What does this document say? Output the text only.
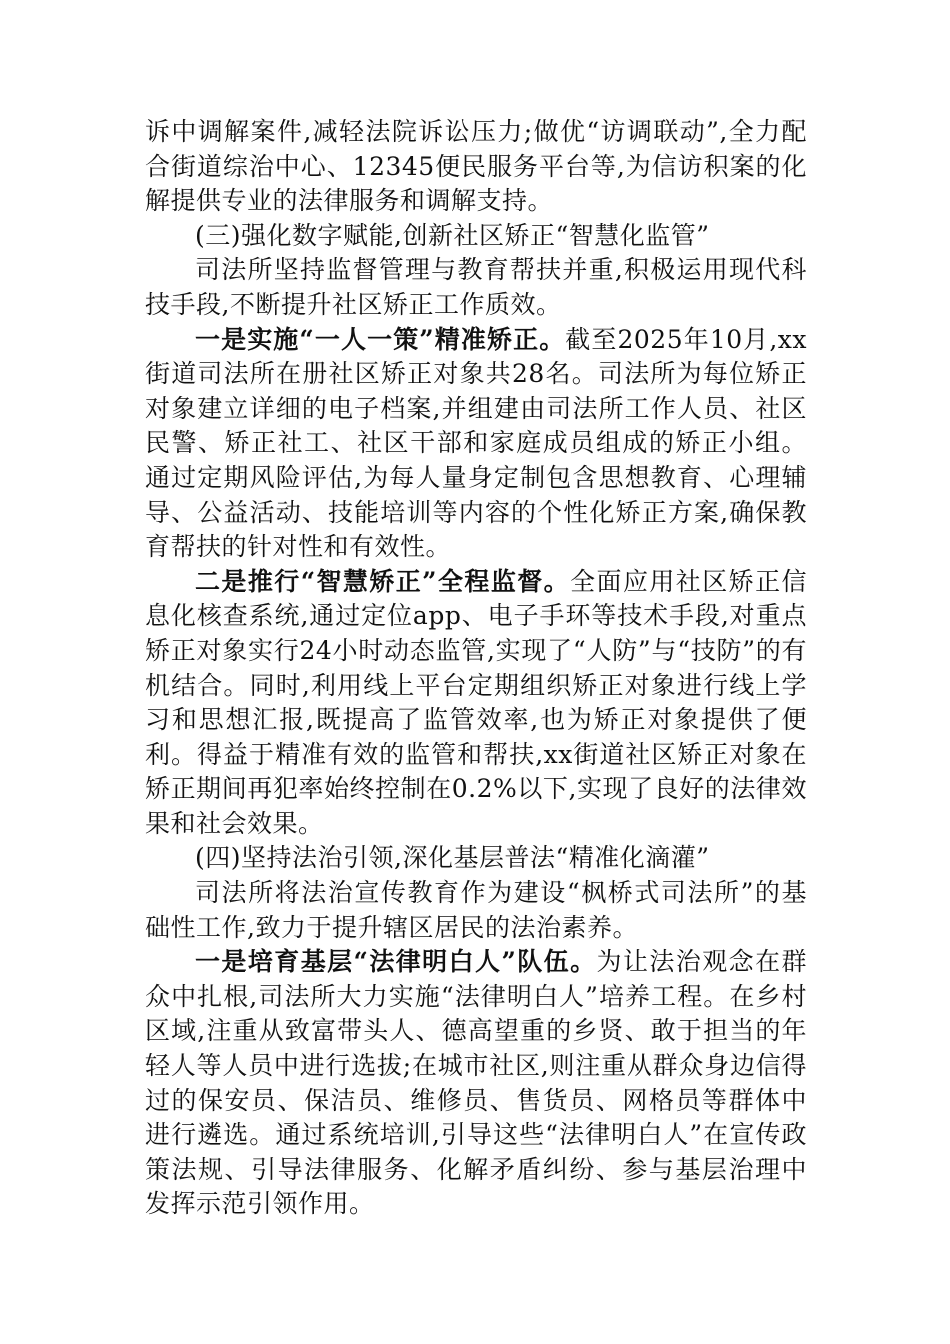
诉中调解案件,减轻法院诉讼压力;做优“访调联动”,全力配合街道综治中心、12345便民服务平台等,为信访积案的化解提供专业的法律服务和调解支持。

(三)强化数字赋能,创新社区矫正“智慧化监管”

司法所坚持监督管理与教育帮扶并重,积极运用现代科技手段,不断提升社区矫正工作质效。

一是实施“一人一策”精准矫正。截至2025年10月,xx街道司法所在册社区矫正对象共28名。司法所为每位矫正对象建立详细的电子档案,并组建由司法所工作人员、社区民警、矫正社工、社区干部和家庭成员组成的矫正小组。通过定期风险评估,为每人量身定制包含思想教育、心理辅导、公益活动、技能培训等内容的个性化矫正方案,确保教育帮扶的针对性和有效性。

二是推行“智慧矫正”全程监督。全面应用社区矫正信息化核查系统,通过定位app、电子手环等技术手段,对重点矫正对象实行24小时动态监管,实现了“人防”与“技防”的有机结合。同时,利用线上平台定期组织矫正对象进行线上学习和思想汇报,既提高了监管效率,也为矫正对象提供了便利。得益于精准有效的监管和帮扶,xx街道社区矫正对象在矫正期间再犯率始终控制在0.2%以下,实现了良好的法律效果和社会效果。

(四)坚持法治引领,深化基层普法“精准化滴灌”

司法所将法治宣传教育作为建设“枫桥式司法所”的基础性工作,致力于提升辖区居民的法治素养。

一是培育基层“法律明白人”队伍。为让法治观念在群众中扎根,司法所大力实施“法律明白人”培养工程。在乡村区域,注重从致富带头人、德高望重的乡贤、敢于担当的年轻人等人员中进行选拔;在城市社区,则注重从群众身边信得过的保安员、保洁员、维修员、售货员、网格员等群体中进行遴选。通过系统培训,引导这些“法律明白人”在宣传政策法规、引导法律服务、化解矛盾纠纷、参与基层治理中发挥示范引领作用。
